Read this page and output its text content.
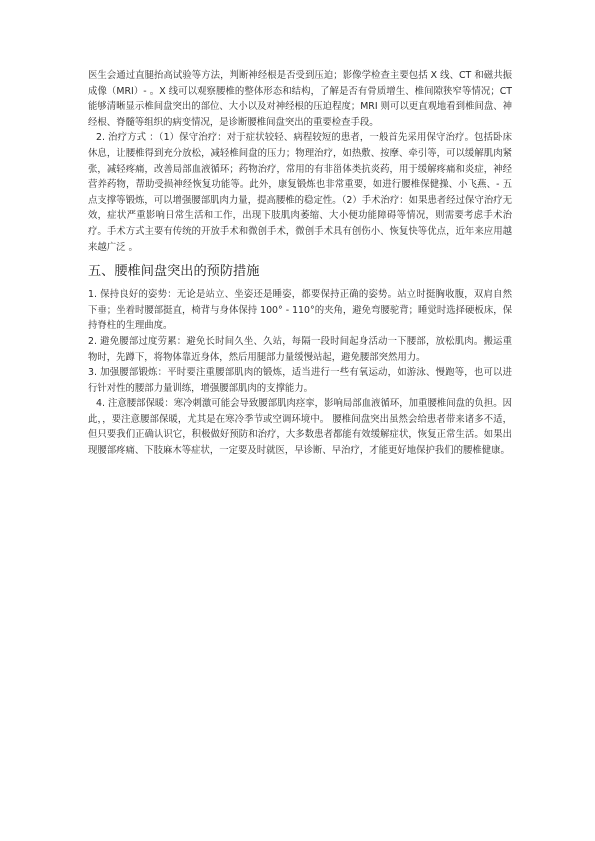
医生会通过直腿抬高试验等方法，判断神经根是否受到压迫；影像学检查主要包括 X 线、CT 和磁共振成像（MRI）- 。X 线可以观察腰椎的整体形态和结构，了解是否有骨质增生、椎间隙狭窄等情况；CT 能够清晰显示椎间盘突出的部位、大小以及对神经根的压迫程度；MRI 则可以更直观地看到椎间盘、神经根、脊髓等组织的病变情况，是诊断腰椎间盘突出的重要检查手段。

2. 治疗方式 ：（1）保守治疗：对于症状较轻、病程较短的患者，一般首先采用保守治疗。包括卧床休息，让腰椎得到充分放松，减轻椎间盘的压力；物理治疗，如热敷、按摩、牵引等，可以缓解肌肉紧张，减轻疼痛，改善局部血液循环；药物治疗，常用的有非甾体类抗炎药，用于缓解疼痛和炎症，神经营养药物，帮助受损神经恢复功能等。此外，康复锻炼也非常重要，如进行腰椎保健操、小飞燕、- 五点支撑等锻炼，可以增强腰部肌肉力量，提高腰椎的稳定性。（2）手术治疗：如果患者经过保守治疗无效，症状严重影响日常生活和工作，出现下肢肌肉萎缩、大小便功能障碍等情况，则需要考虑手术治疗。手术方式主要有传统的开放手术和微创手术，微创手术具有创伤小、恢复快等优点，近年来应用越来越广泛 。

五、腰椎间盘突出的预防措施

1. 保持良好的姿势：无论是站立、坐姿还是睡姿，都要保持正确的姿势。站立时挺胸收腹，双肩自然下垂；坐着时腰部挺直，椅背与身体保持 100° - 110°的夹角，避免弯腰驼背；睡觉时选择硬板床，保持脊柱的生理曲度。

2. 避免腰部过度劳累：避免长时间久坐、久站，每隔一段时间起身活动一下腰部，放松肌肉。搬运重物时，先蹲下，将物体靠近身体，然后用腿部力量缓慢站起，避免腰部突然用力。

3. 加强腰部锻炼：平时要注重腰部肌肉的锻炼，适当进行一些有氧运动，如游泳、慢跑等，也可以进行针对性的腰部力量训练，增强腰部肌肉的支撑能力。

4. 注意腰部保暖：寒冷刺激可能会导致腰部肌肉痉挛，影响局部血液循环，加重腰椎间盘的负担。因此，，要注意腰部保暖，尤其是在寒冷季节或空调环境中。 腰椎间盘突出虽然会给患者带来诸多不适，但只要我们正确认识它，积极做好预防和治疗，大多数患者都能有效缓解症状，恢复正常生活。如果出现腰部疼痛、下肢麻木等症状，一定要及时就医，早诊断、早治疗，才能更好地保护我们的腰椎健康。
